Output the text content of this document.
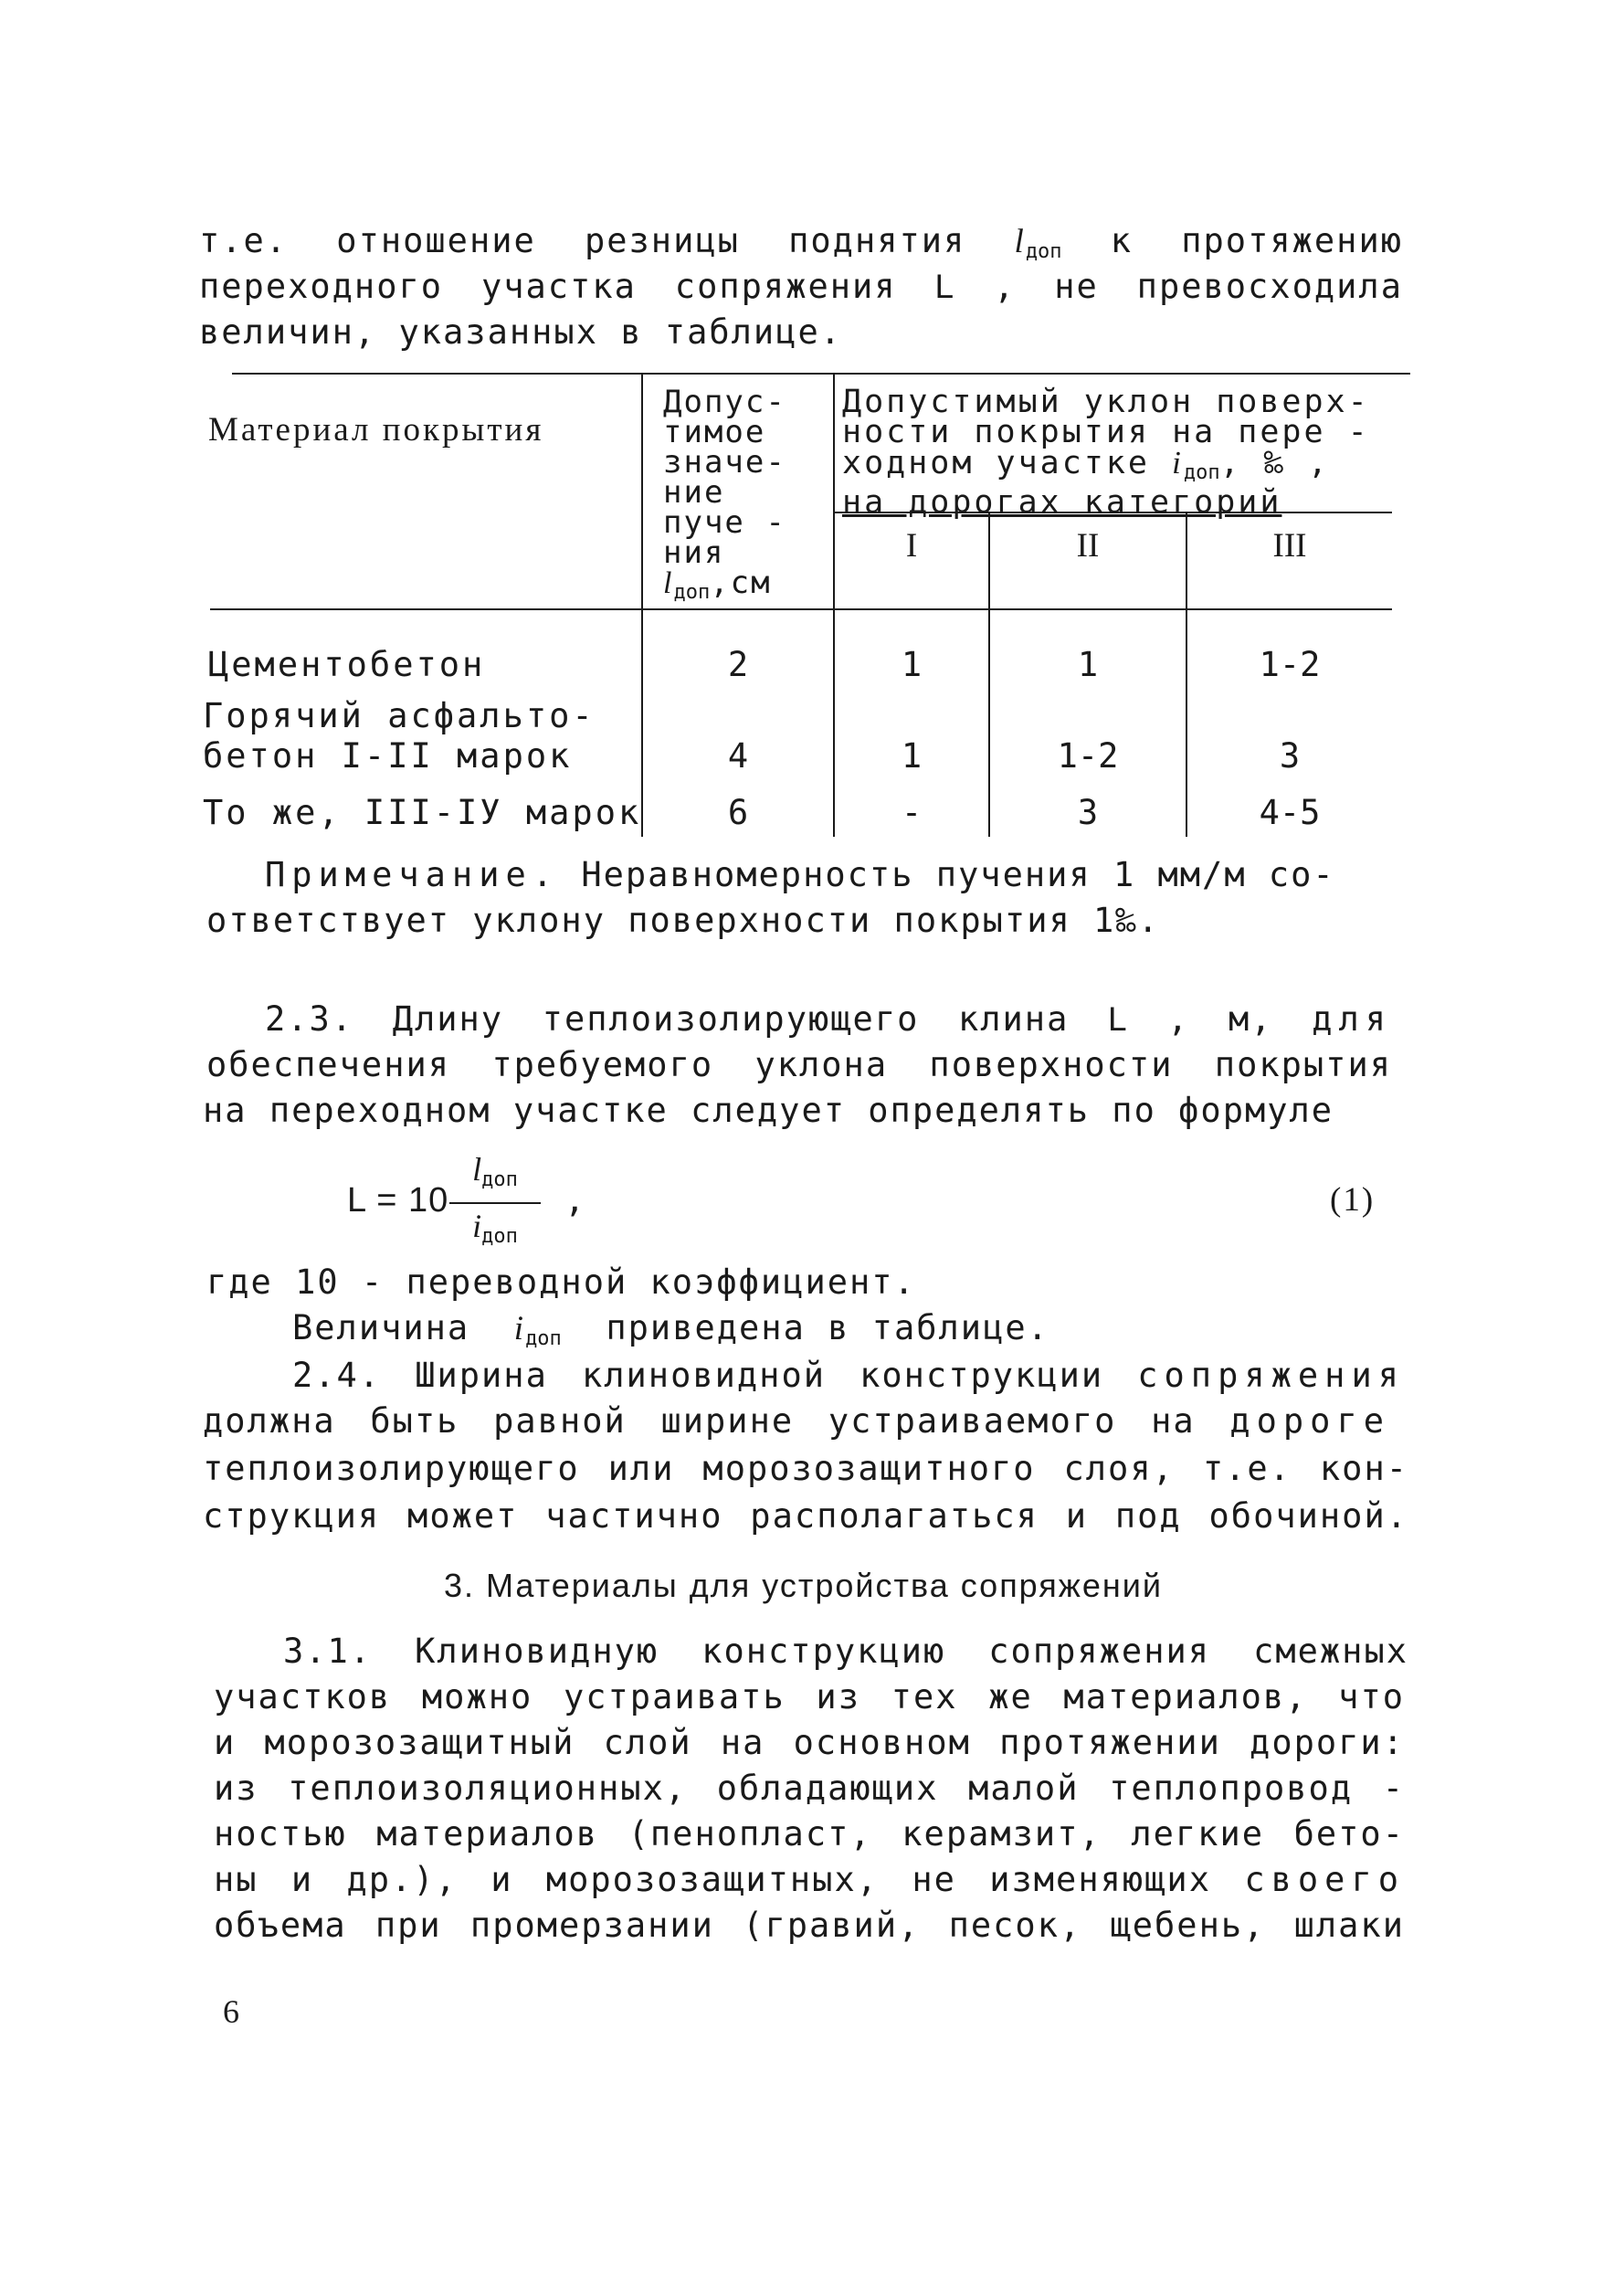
т.е. отношение резницы поднятия $l_{доп}$ к протяжению
переходного участка сопряжения L , не превосходила
величин, указанных в таблице.
Материал покрытия
Допус-
тимое
значе-
ние
пуче -
ния
$l_{доп},см$
Допустимый уклон поверх-
ности покрытия на пере -
ходном участке $i_{доп}$, ‰ ,
на дорогах категорий
I	II	III
Цементобетон	2	1	1	1-2
Горячий асфальто-
бетон I-II марок	4	1	1-2	3
То же, III-IУ марок	6	-	3	4-5
Примечание. Неравномерность пучения 1 мм/м со-
ответствует уклону поверхности покрытия 1‰.
2.3. Длину теплоизолирующего клина L , м, для
обеспечения требуемого уклона поверхности покрытия
на переходном участке следует определять по формуле
L = 10
$l_{доп}$
$i_{доп}$
,	(1)
где 10 - переводной коэффициент.
Величина $i_{доп}$ приведена в таблице.
2.4. Ширина клиновидной конструкции сопряжения
должна быть равной ширине устраиваемого на дороге
теплоизолирующего или морозозащитного слоя, т.е. кон-
струкция может частично располагаться и под обочиной.
3. Материалы для устройства сопряжений
3.1. Клиновидную конструкцию сопряжения смежных
участков можно устраивать из тех же материалов, что
и морозозащитный слой на основном протяжении дороги:
из теплоизоляционных, обладающих малой теплопровод -
ностью материалов (пенопласт, керамзит, легкие бето-
ны и др.), и морозозащитных, не изменяющих своего
объема при промерзании (гравий, песок, щебень, шлаки
6
